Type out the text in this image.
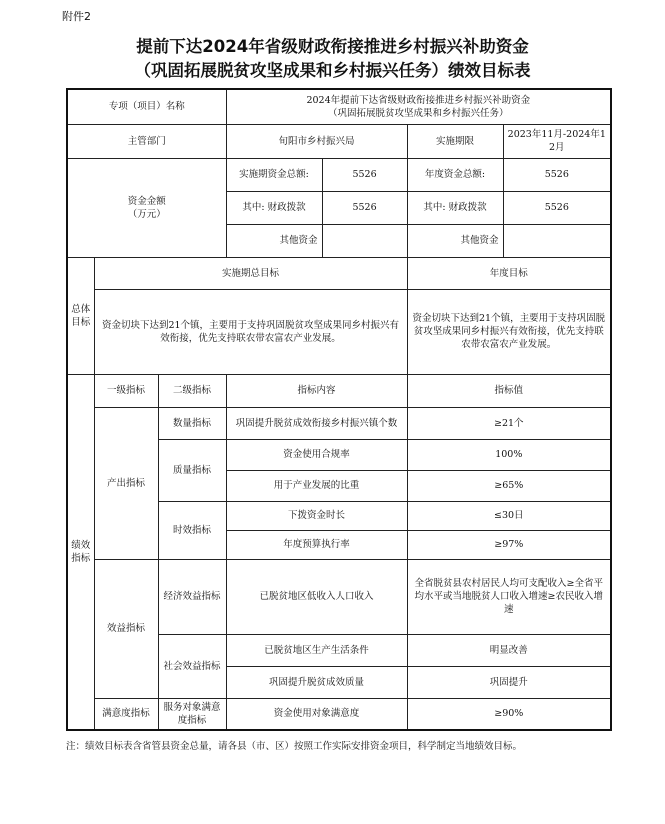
附件2
提前下达2024年省级财政衔接推进乡村振兴补助资金
（巩固拓展脱贫攻坚成果和乡村振兴任务）绩效目标表
专项（项目）名称			2024年提前下达省级财政衔接推进乡村振兴补助资金
（巩固拓展脱贫攻坚成果和乡村振兴任务）			

主管部门			旬阳市乡村振兴局		实施期限	2023年11月-2024年12月

资金金额
（万元）			实施期资金总额:	5526	年度资金总额:	5526
			其中: 财政拨款	5526	其中: 财政拨款	5526
			其他资金		其他资金	
总体目标	实施期总目标				年度目标	
	资金切块下达到21个镇，主要用于支持巩固脱贫攻坚成果同乡村振兴有效衔接，优先支持联农带农富农产业发展。				资金切块下达到21个镇，主要用于支持巩固脱贫攻坚成果同乡村振兴有效衔接，优先支持联农带农富农产业发展。	
绩效指标	一级指标	二级指标	指标内容		指标值	
	产出指标	数量指标	巩固提升脱贫成效衔接乡村振兴镇个数		≥21个	
		质量指标	资金使用合规率		100%	
			用于产业发展的比重		≥65%	
		时效指标	下拨资金时长		≤30日	
			年度预算执行率		≥97%	
	效益指标	经济效益指标	已脱贫地区低收入人口收入		全省脱贫县农村居民人均可支配收入≥全省平均水平或当地脱贫人口收入增速≥农民收入增速	
		社会效益指标	已脱贫地区生产生活条件		明显改善	
			巩固提升脱贫成效质量		巩固提升	
	满意度指标	服务对象满意度指标	资金使用对象满意度		≥90%	
注：绩效目标表含省管县资金总量，请各县（市、区）按照工作实际安排资金项目，科学制定当地绩效目标。
